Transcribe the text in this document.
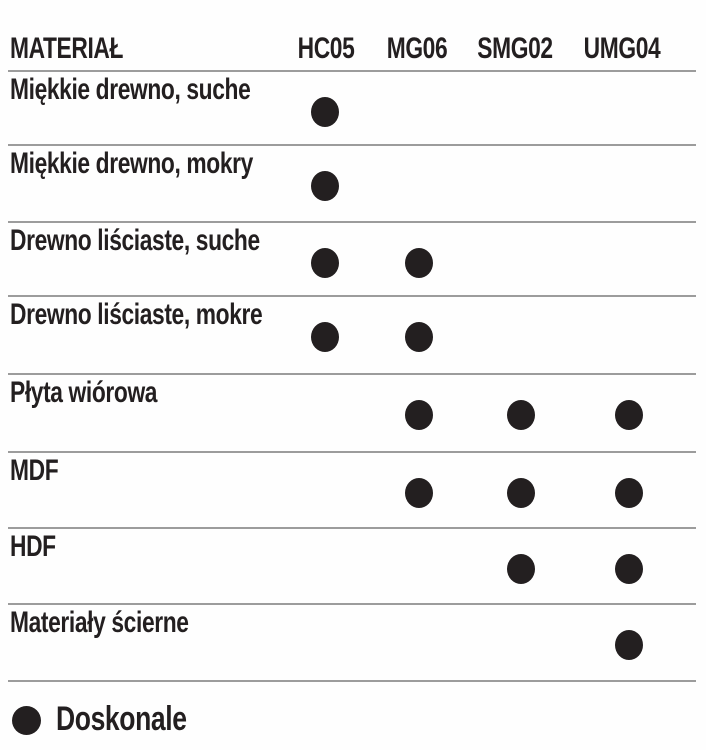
MATERIAŁ	HC05 MG06 SMG02 UMG04
Miękkie drewno, suche
Miękkie drewno, mokry
Drewno liściaste, suche
Drewno liściaste, mokre
Płyta wiórowa
MDF
HDF
Materiały ścierne
Doskonale
